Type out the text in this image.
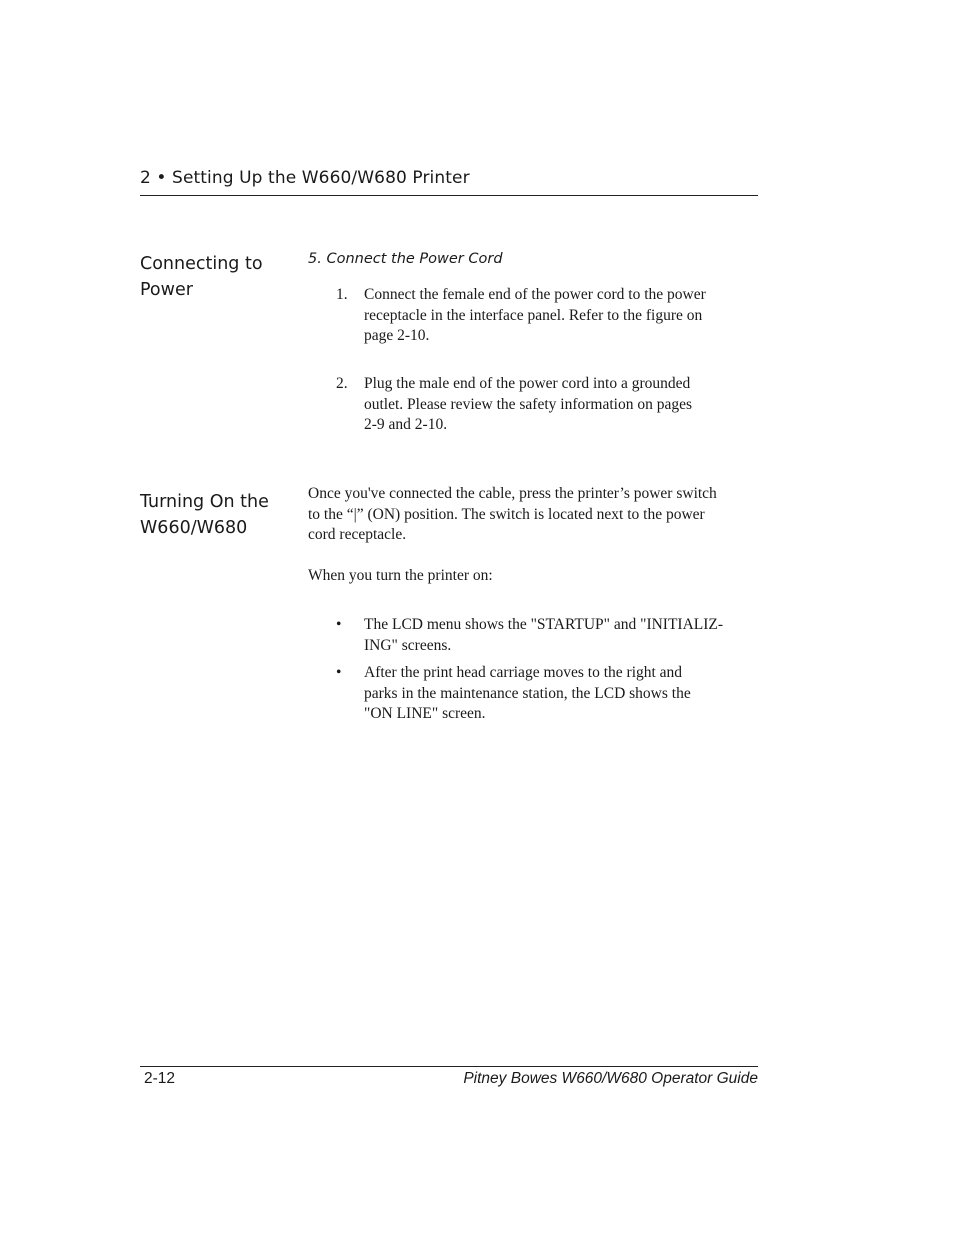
2 • Setting Up the W660/W680 Printer
Connecting to
Power
5. Connect the Power Cord
1. Connect the female end of the power cord to the power
receptacle in the interface panel. Refer to the figure on
page 2-10.
2. Plug the male end of the power cord into a grounded
outlet. Please review the safety information on pages
2-9 and 2-10.
Turning On the
W660/W680
Once you've connected the cable, press the printer’s power switch
to the “|” (ON) position. The switch is located next to the power
cord receptacle.
When you turn the printer on:
• The LCD menu shows the "STARTUP" and "INITIALIZ-
ING" screens.
• After the print head carriage moves to the right and
parks in the maintenance station, the LCD shows the
"ON LINE" screen.
2-12	Pitney Bowes W660/W680 Operator Guide
